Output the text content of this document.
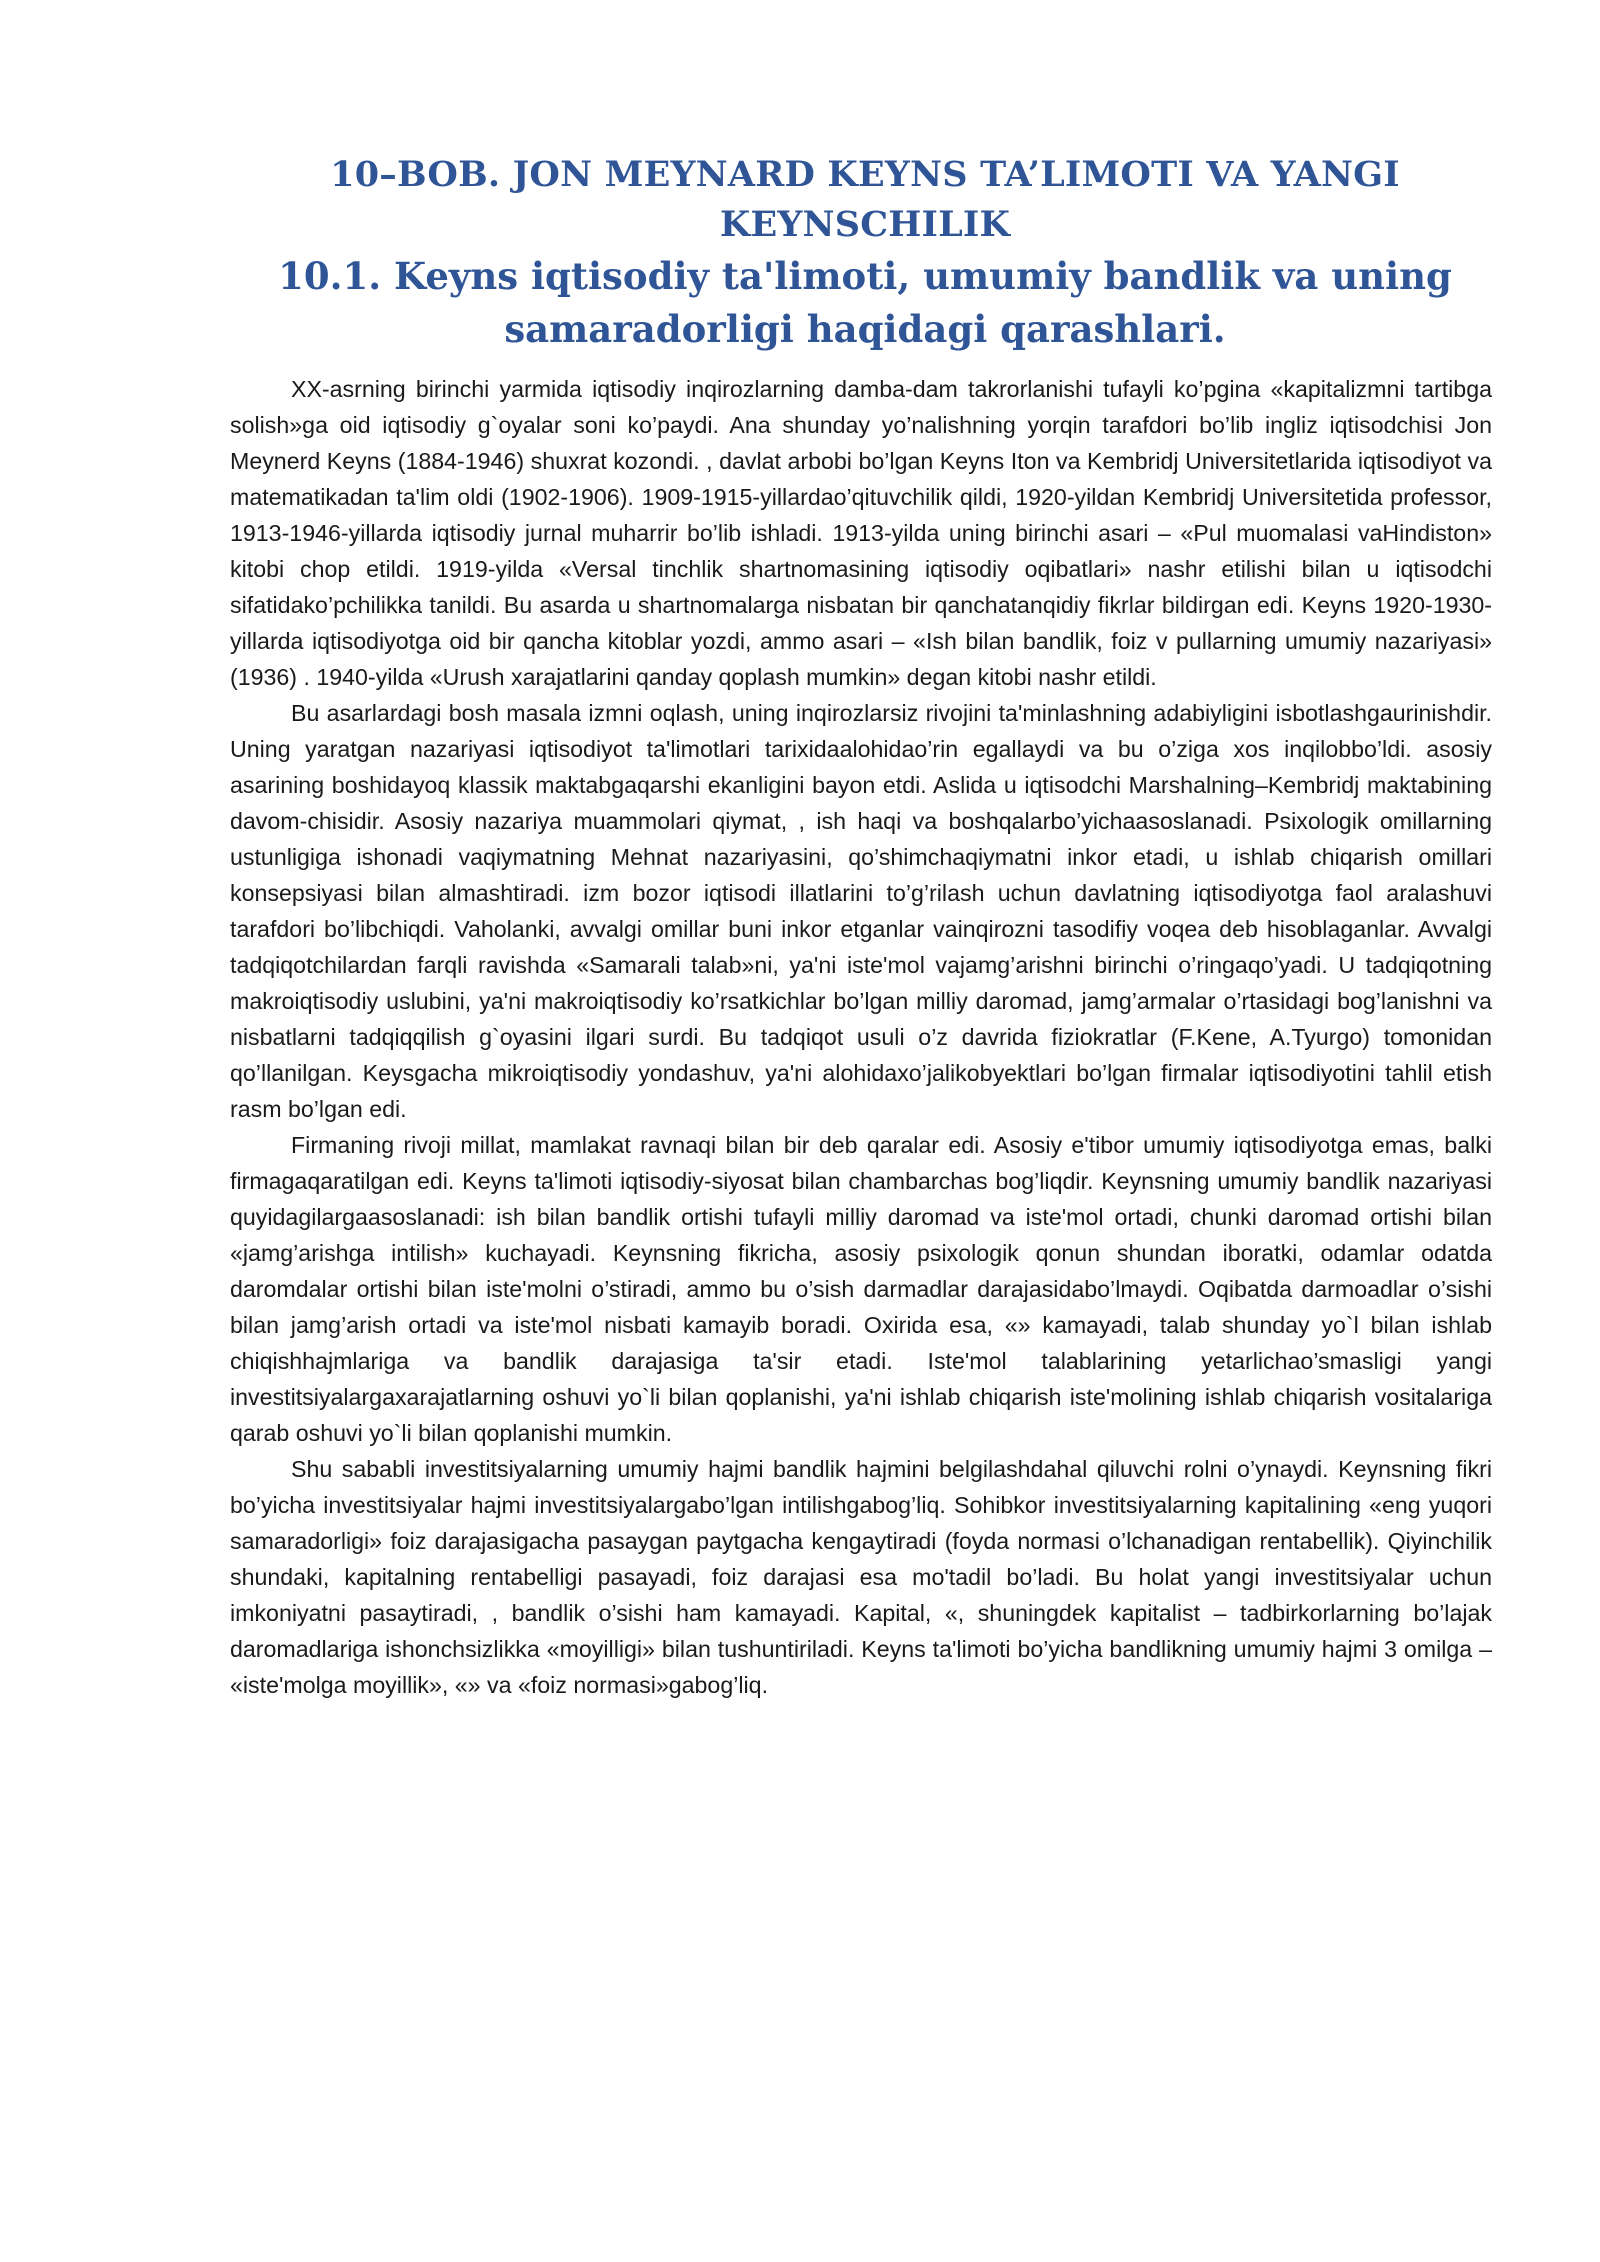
10–BOB. JON MEYNARD KEYNS TA’LIMOTI VA YANGI KEYNSCHILIK
10.1. Keyns iqtisodiy ta'limoti, umumiy bandlik va uning samaradorligi haqidagi qarashlari.

XX-asrning birinchi yarmida iqtisodiy inqirozlarning damba-dam takrorlanishi tufayli ko’pgina «kapitalizmni tartibga solish»ga oid iqtisodiy g`oyalar soni ko’paydi. Ana shunday yo’nalishning yorqin tarafdori bo’lib ingliz iqtisodchisi Jon Meynerd Keyns (1884-1946) shuxrat kozondi. , davlat arbobi bo’lgan Keyns Iton va Kembridj Universitetlarida iqtisodiyot va matematikadan ta'lim oldi (1902-1906). 1909-1915-yillardao’qituvchilik qildi, 1920-yildan Kembridj Universitetida professor, 1913-1946-yillarda iqtisodiy jurnal muharrir bo’lib ishladi. 1913-yilda uning birinchi asari – «Pul muomalasi vaHindiston» kitobi chop etildi. 1919-yilda «Versal tinchlik shartnomasining iqtisodiy oqibatlari» nashr etilishi bilan u iqtisodchi sifatidako’pchilikka tanildi. Bu asarda u shartnomalarga nisbatan bir qanchatanqidiy fikrlar bildirgan edi. Keyns 1920-1930-yillarda iqtisodiyotga oid bir qancha kitoblar yozdi, ammo asari – «Ish bilan bandlik, foiz v pullarning umumiy nazariyasi» (1936) . 1940-yilda «Urush xarajatlarini qanday qoplash mumkin» degan kitobi nashr etildi.

Bu asarlardagi bosh masala izmni oqlash, uning inqirozlarsiz rivojini ta'minlashning adabiyligini isbotlashgaurinishdir. Uning yaratgan nazariyasi iqtisodiyot ta'limotlari tarixidaalohidao’rin egallaydi va bu o’ziga xos inqilobbo’ldi. asosiy asarining boshidayoq klassik maktabgaqarshi ekanligini bayon etdi. Aslida u iqtisodchi Marshalning–Kembridj maktabining davom-chisidir. Asosiy nazariya muammolari qiymat, , ish haqi va boshqalarbo’yichaasoslanadi. Psixologik omillarning ustunligiga ishonadi vaqiymatning Mehnat nazariyasini, qo’shimchaqiymatni inkor etadi, u ishlab chiqarish omillari konsepsiyasi bilan almashtiradi. izm bozor iqtisodi illatlarini to’g’rilash uchun davlatning iqtisodiyotga faol aralashuvi tarafdori bo’libchiqdi. Vaholanki, avvalgi omillar buni inkor etganlar vainqirozni tasodifiy voqea deb hisoblaganlar. Avvalgi tadqiqotchilardan farqli ravishda «Samarali talab»ni, ya'ni iste'mol vajamg’arishni birinchi o’ringaqo’yadi. U tadqiqotning makroiqtisodiy uslubini, ya'ni makroiqtisodiy ko’rsatkichlar bo’lgan milliy daromad, jamg’armalar o’rtasidagi bog’lanishni va nisbatlarni tadqiqqilish g`oyasini ilgari surdi. Bu tadqiqot usuli o’z davrida fiziokratlar (F.Kene, A.Tyurgo) tomonidan qo’llanilgan. Keysgacha mikroiqtisodiy yondashuv, ya'ni alohidaxo’jalikobyektlari bo’lgan firmalar iqtisodiyotini tahlil etish rasm bo’lgan edi.

Firmaning rivoji millat, mamlakat ravnaqi bilan bir deb qaralar edi. Asosiy e'tibor umumiy iqtisodiyotga emas, balki firmagaqaratilgan edi. Keyns ta'limoti iqtisodiy-siyosat bilan chambarchas bog’liqdir. Keynsning umumiy bandlik nazariyasi quyidagilargaasoslanadi: ish bilan bandlik ortishi tufayli milliy daromad va iste'mol ortadi, chunki daromad ortishi bilan «jamg’arishga intilish» kuchayadi. Keynsning fikricha, asosiy psixologik qonun shundan iboratki, odamlar odatda daromdalar ortishi bilan iste'molni o’stiradi, ammo bu o’sish darmadlar darajasidabo’lmaydi. Oqibatda darmoadlar o’sishi bilan jamg’arish ortadi va iste'mol nisbati kamayib boradi. Oxirida esa, «» kamayadi, talab shunday yo`l bilan ishlab chiqishhajmlariga va bandlik darajasiga ta'sir etadi. Iste'mol talablarining yetarlichao’smasligi yangi investitsiyalargaxarajatlarning oshuvi yo`li bilan qoplanishi, ya'ni ishlab chiqarish iste'molining ishlab chiqarish vositalariga qarab oshuvi yo`li bilan qoplanishi mumkin.

Shu sababli investitsiyalarning umumiy hajmi bandlik hajmini belgilashdahal qiluvchi rolni o’ynaydi. Keynsning fikri bo’yicha investitsiyalar hajmi investitsiyalargabo’lgan intilishgabog’liq. Sohibkor investitsiyalarning kapitalining «eng yuqori samaradorligi» foiz darajasigacha pasaygan paytgacha kengaytiradi (foyda normasi o’lchanadigan rentabellik). Qiyinchilik shundaki, kapitalning rentabelligi pasayadi, foiz darajasi esa mo'tadil bo’ladi. Bu holat yangi investitsiyalar uchun imkoniyatni pasaytiradi, , bandlik o’sishi ham kamayadi. Kapital, «, shuningdek kapitalist – tadbirkorlarning bo’lajak daromadlariga ishonchsizlikka «moyilligi» bilan tushuntiriladi. Keyns ta'limoti bo’yicha bandlikning umumiy hajmi 3 omilga – «iste'molga moyillik», «» va «foiz normasi»gabog’liq.
